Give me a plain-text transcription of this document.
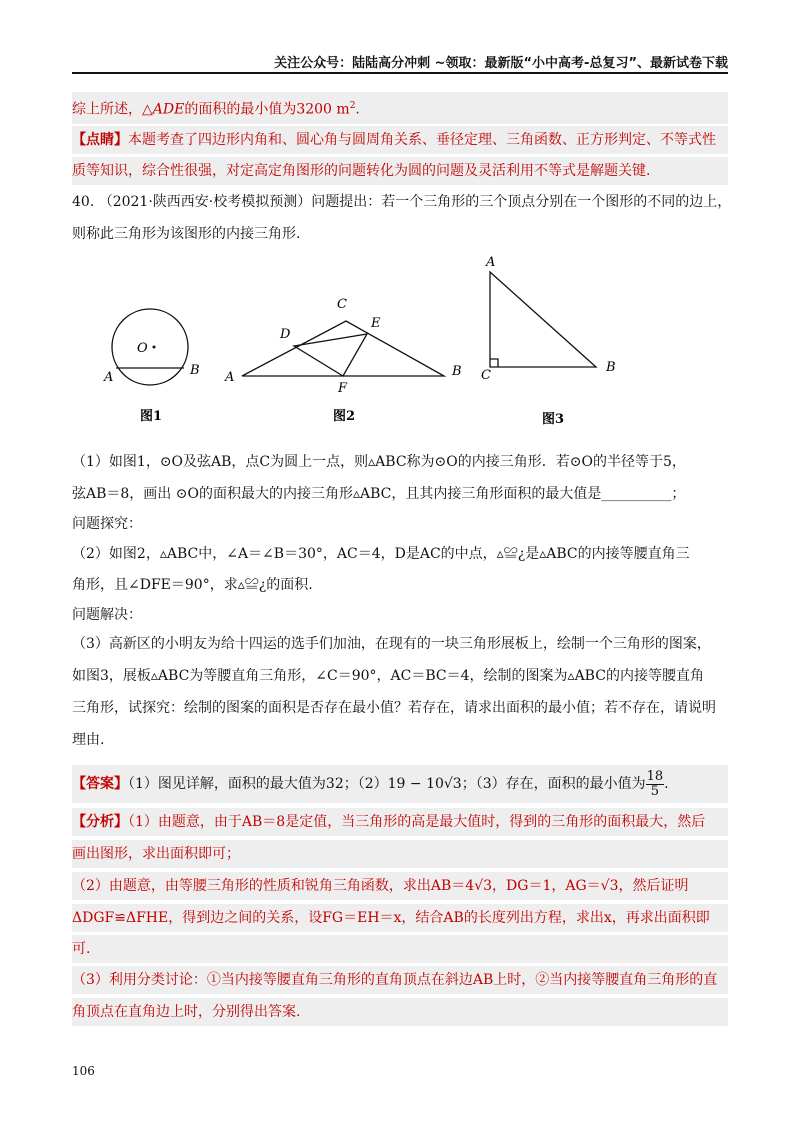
关注公众号：陆陆高分冲刺 ~领取：最新版“小中高考-总复习”、最新试卷下载
综上所述，△ADE的面积的最小值为3200 $m^2$.
【点睛】本题考查了四边形内角和、圆心角与圆周角关系、垂径定理、三角函数、正方形判定、不等式性
质等知识，综合性很强，对定高定角图形的问题转化为圆的问题及灵活利用不等式是解题关键.
40. （2021·陕西西安·校考模拟预测）问题提出：若一个三角形的三个顶点分别在一个图形的不同的边上，
则称此三角形为该图形的内接三角形.
O
A	B
图1
C
D
E
A	B
F
图2
A
C
B
图3
（1）如图1，⊙O及弦AB，点C为圆上一点，则▵ABC称为⊙O的内接三角形．若⊙O的半径等于5，
弦AB＝8，画出 ⊙O的面积最大的内接三角形▵ABC，且其内接三角形面积的最大值是__________；
问题探究：
（2）如图2，▵ABC中，∠A＝∠B＝30°，AC＝4，D是AC的中点，▵≌¿是▵ABC的内接等腰直角三
角形，且∠DFE＝90°，求▵≌¿的面积.
问题解决：
（3）高新区的小明友为给十四运的选手们加油，在现有的一块三角形展板上，绘制一个三角形的图案，
如图3，展板▵ABC为等腰直角三角形，∠C＝90°，AC＝BC＝4，绘制的图案为▵ABC的内接等腰直角
三角形，试探究：绘制的图案的面积是否存在最小值？若存在，请求出面积的最小值；若不存在，请说明
理由.
【答案】（1）图见详解，面积的最大值为32；（2）19 − 10√3；（3）存在，面积的最小值为 $\frac{18}{5}$ .
【分析】（1）由题意，由于AB＝8是定值，当三角形的高是最大值时，得到的三角形的面积最大，然后
画出图形，求出面积即可；
（2）由题意，由等腰三角形的性质和锐角三角函数，求出AB＝4√3，DG＝1，AG＝√3，然后证明
ΔDGF≌ΔFHE，得到边之间的关系，设FG＝EH＝x，结合AB的长度列出方程，求出x，再求出面积即
可.
（3）利用分类讨论：①当内接等腰直角三角形的直角顶点在斜边AB上时，②当内接等腰直角三角形的直
角顶点在直角边上时，分别得出答案.
106
